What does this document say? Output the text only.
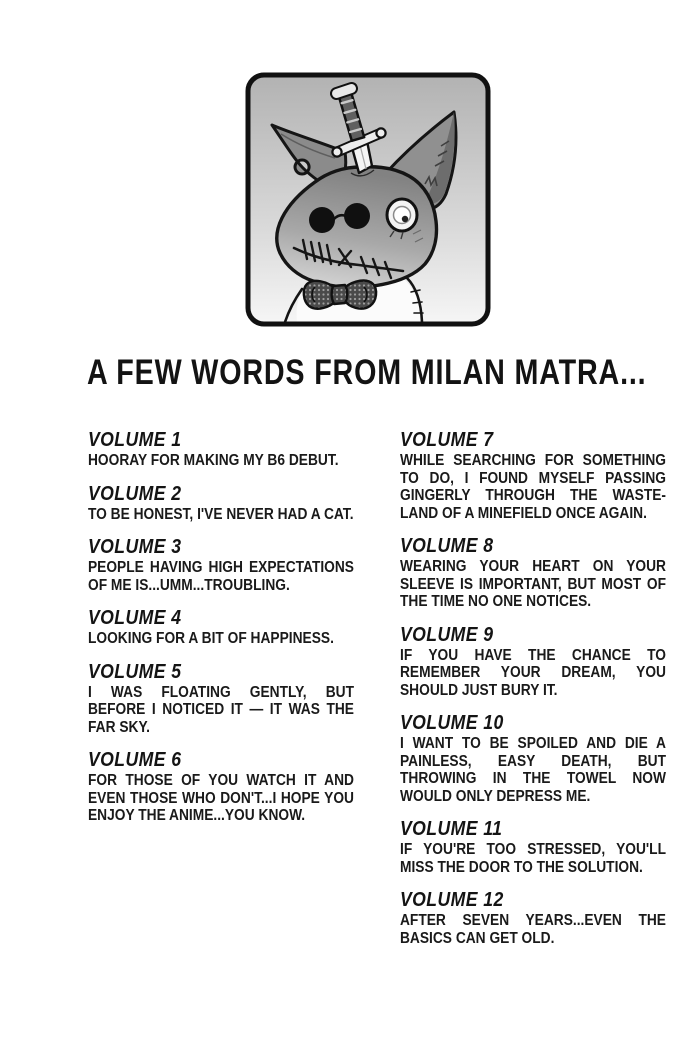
A FEW WORDS FROM MILAN MATRA...
VOLUME 1

HOORAY FOR MAKING MY B6 DEBUT.

VOLUME 2

TO BE HONEST, I'VE NEVER HAD A CAT.

VOLUME 3

PEOPLE HAVING HIGH EXPECTATIONS OF ME IS...UMM...TROUBLING.

VOLUME 4

LOOKING FOR A BIT OF HAPPINESS.

VOLUME 5

I WAS FLOATING GENTLY, BUT BEFORE I NOTICED IT — IT WAS THE FAR SKY.

VOLUME 6

FOR THOSE OF YOU WATCH IT AND EVEN THOSE WHO DON'T...I HOPE YOU ENJOY THE ANIME...YOU KNOW.

VOLUME 7

WHILE SEARCHING FOR SOMETHING TO DO, I FOUND MYSELF PASSING GINGERLY THROUGH THE WASTE-LAND OF A MINEFIELD ONCE AGAIN.

VOLUME 8

WEARING YOUR HEART ON YOUR SLEEVE IS IMPORTANT, BUT MOST OF THE TIME NO ONE NOTICES.

VOLUME 9

IF YOU HAVE THE CHANCE TO REMEMBER YOUR DREAM, YOU SHOULD JUST BURY IT.

VOLUME 10

I WANT TO BE SPOILED AND DIE A PAINLESS, EASY DEATH, BUT THROWING IN THE TOWEL NOW WOULD ONLY DEPRESS ME.

VOLUME 11

IF YOU'RE TOO STRESSED, YOU'LL MISS THE DOOR TO THE SOLUTION.

VOLUME 12

AFTER SEVEN YEARS...EVEN THE BASICS CAN GET OLD.
